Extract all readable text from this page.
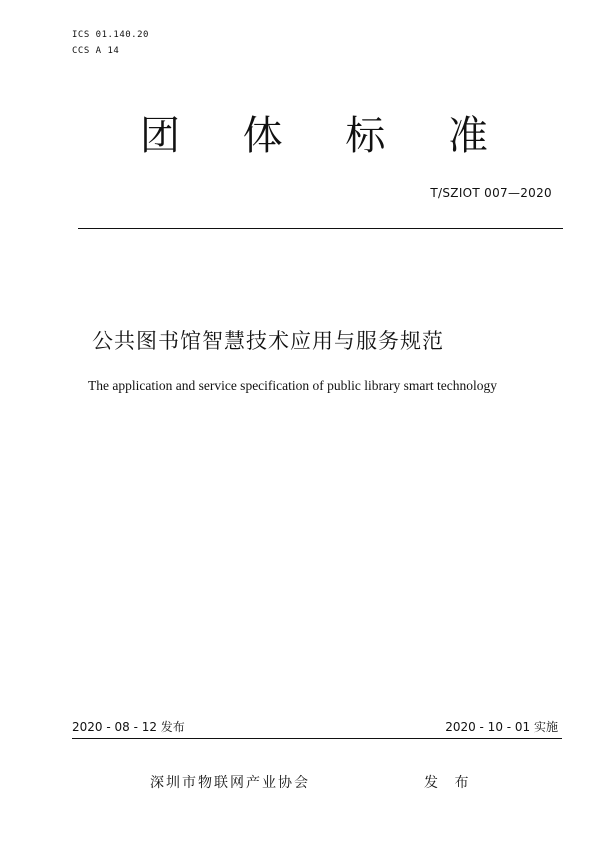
ICS 01.140.20
CCS A 14
团 体 标 准
T/SZIOT 007—2020
公共图书馆智慧技术应用与服务规范
The application and service specification of public library smart technology
2020 - 08 - 12 发布	2020 - 10 - 01 实施
深圳市物联网产业协会	发 布
